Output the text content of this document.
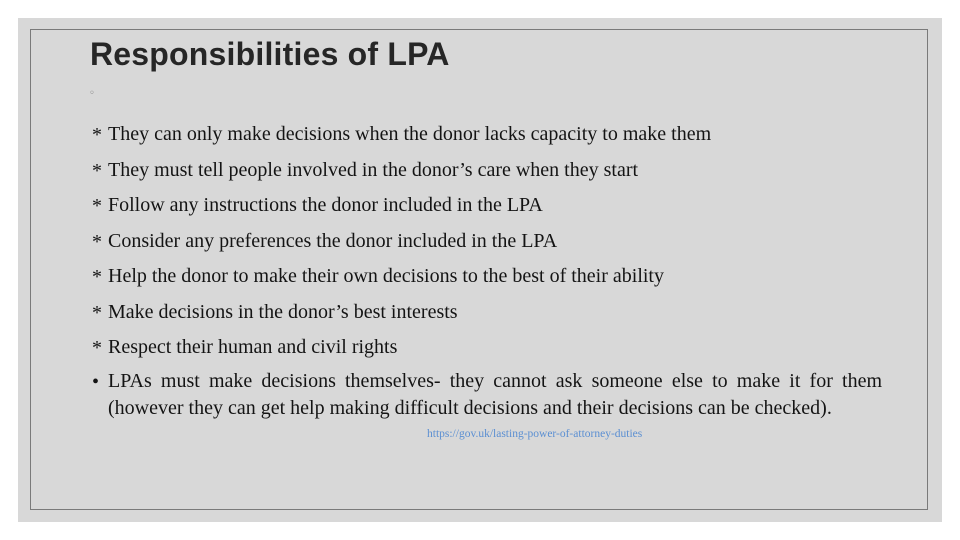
Responsibilities of LPA
◦
* They can only make decisions when the donor lacks capacity to make them
* They must tell people involved in the donor’s care when they start
* Follow any instructions the donor included in the LPA
* Consider any preferences the donor included in the LPA
* Help the donor to make their own decisions to the best of their ability
* Make decisions in the donor’s best interests
* Respect their human and civil rights
• LPAs must make decisions themselves- they cannot ask someone else to make it for them (however they can get help making difficult decisions and their decisions can be checked).
https://gov.uk/lasting-power-of-attorney-duties
